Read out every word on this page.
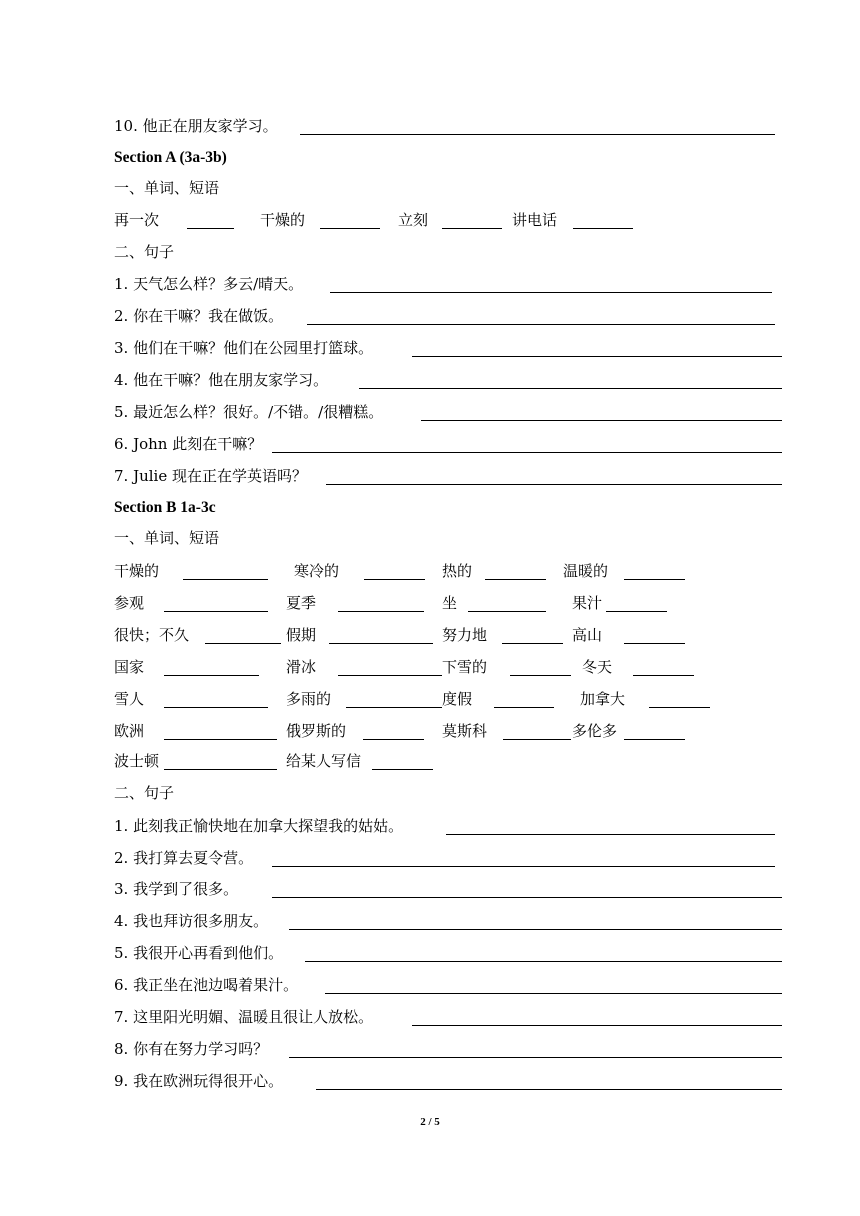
10. 他正在朋友家学习。
Section A (3a-3b)
一、单词、短语
再一次	干燥的	立刻	讲电话
二、句子
1. 天气怎么样？多云/晴天。
2. 你在干嘛？我在做饭。
3. 他们在干嘛？他们在公园里打篮球。
4. 他在干嘛？他在朋友家学习。
5. 最近怎么样？很好。/不错。/很糟糕。
6. John 此刻在干嘛？
7. Julie 现在正在学英语吗？
Section B 1a-3c
一、单词、短语
干燥的	寒冷的	热的	温暖的
参观	夏季	坐	果汁
很快；不久	假期	努力地	高山
国家	滑冰	下雪的	冬天
雪人	多雨的	度假	加拿大
欧洲	俄罗斯的	莫斯科	多伦多
波士顿	给某人写信
二、句子
1. 此刻我正愉快地在加拿大探望我的姑姑。
2. 我打算去夏令营。
3. 我学到了很多。
4. 我也拜访很多朋友。
5. 我很开心再看到他们。
6. 我正坐在池边喝着果汁。
7. 这里阳光明媚、温暖且很让人放松。
8. 你有在努力学习吗？
9. 我在欧洲玩得很开心。
2 / 5
